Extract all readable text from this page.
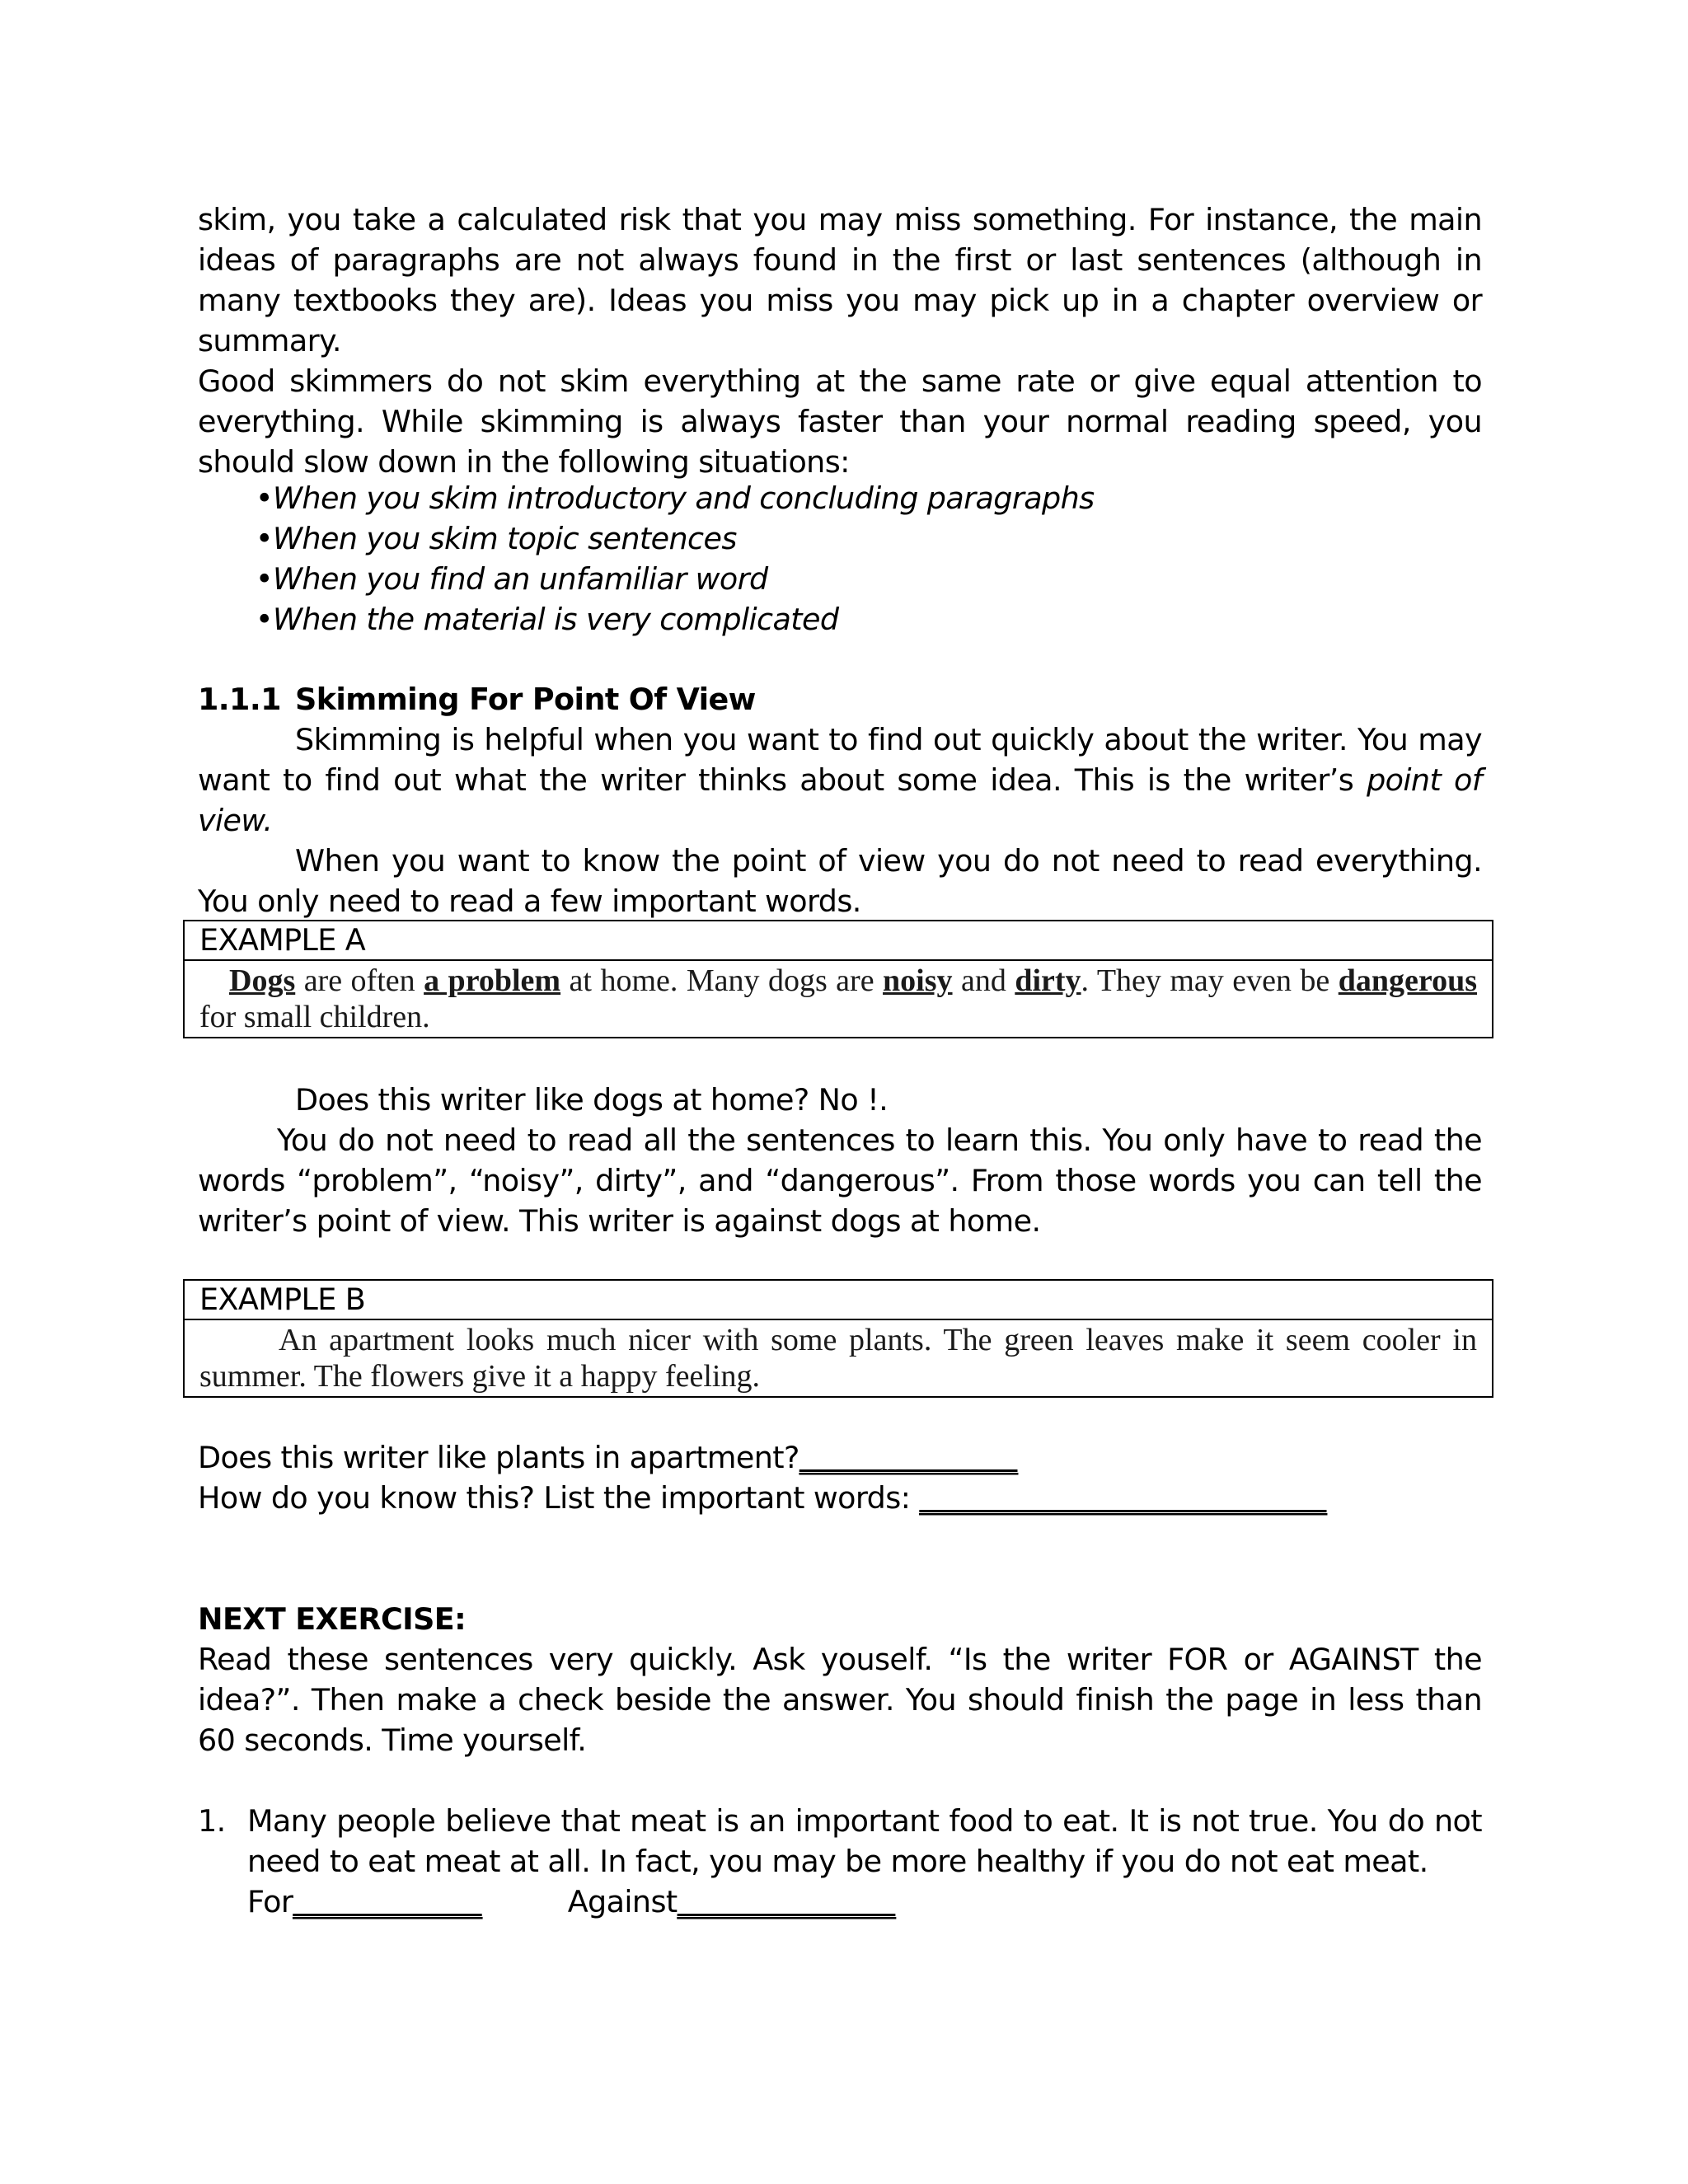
skim, you take a calculated risk that you may miss something. For instance, the main ideas of paragraphs are not always found in the first or last sentences (although in many textbooks they are). Ideas you miss you may pick up in a chapter overview or summary.

Good skimmers do not skim everything at the same rate or give equal attention to everything. While skimming is always faster than your normal reading speed, you should slow down in the following situations:

•When you skim introductory and concluding paragraphs
•When you skim topic sentences
•When you find an unfamiliar word
•When the material is very complicated
1.1.1 Skimming For Point Of View

Skimming is helpful when you want to find out quickly about the writer. You may want to find out what the writer thinks about some idea. This is the writer’s point of view.

When you want to know the point of view you do not need to read everything. You only need to read a few important words.

EXAMPLE A
Dogs are often a problem at home. Many dogs are noisy and dirty. They may even be dangerous for small children.

Does this writer like dogs at home? No !.

You do not need to read all the sentences to learn this. You only have to read the words “problem”, “noisy”, dirty”, and “dangerous”. From those words you can tell the writer’s point of view. This writer is against dogs at home.

EXAMPLE B
An apartment looks much nicer with some plants. The green leaves make it seem cooler in summer. The flowers give it a happy feeling.

Does this writer like plants in apartment?_______________

How do you know this? List the important words: ____________________________

NEXT EXERCISE:
Read these sentences very quickly. Ask youself. “Is the writer FOR or AGAINST the idea?”. Then make a check beside the answer. You should finish the page in less than 60 seconds. Time yourself.
1. Many people believe that meat is an important food to eat. It is not true. You do not need to eat meat at all. In fact, you may be more healthy if you do not eat meat.
For_____________	Against_______________
